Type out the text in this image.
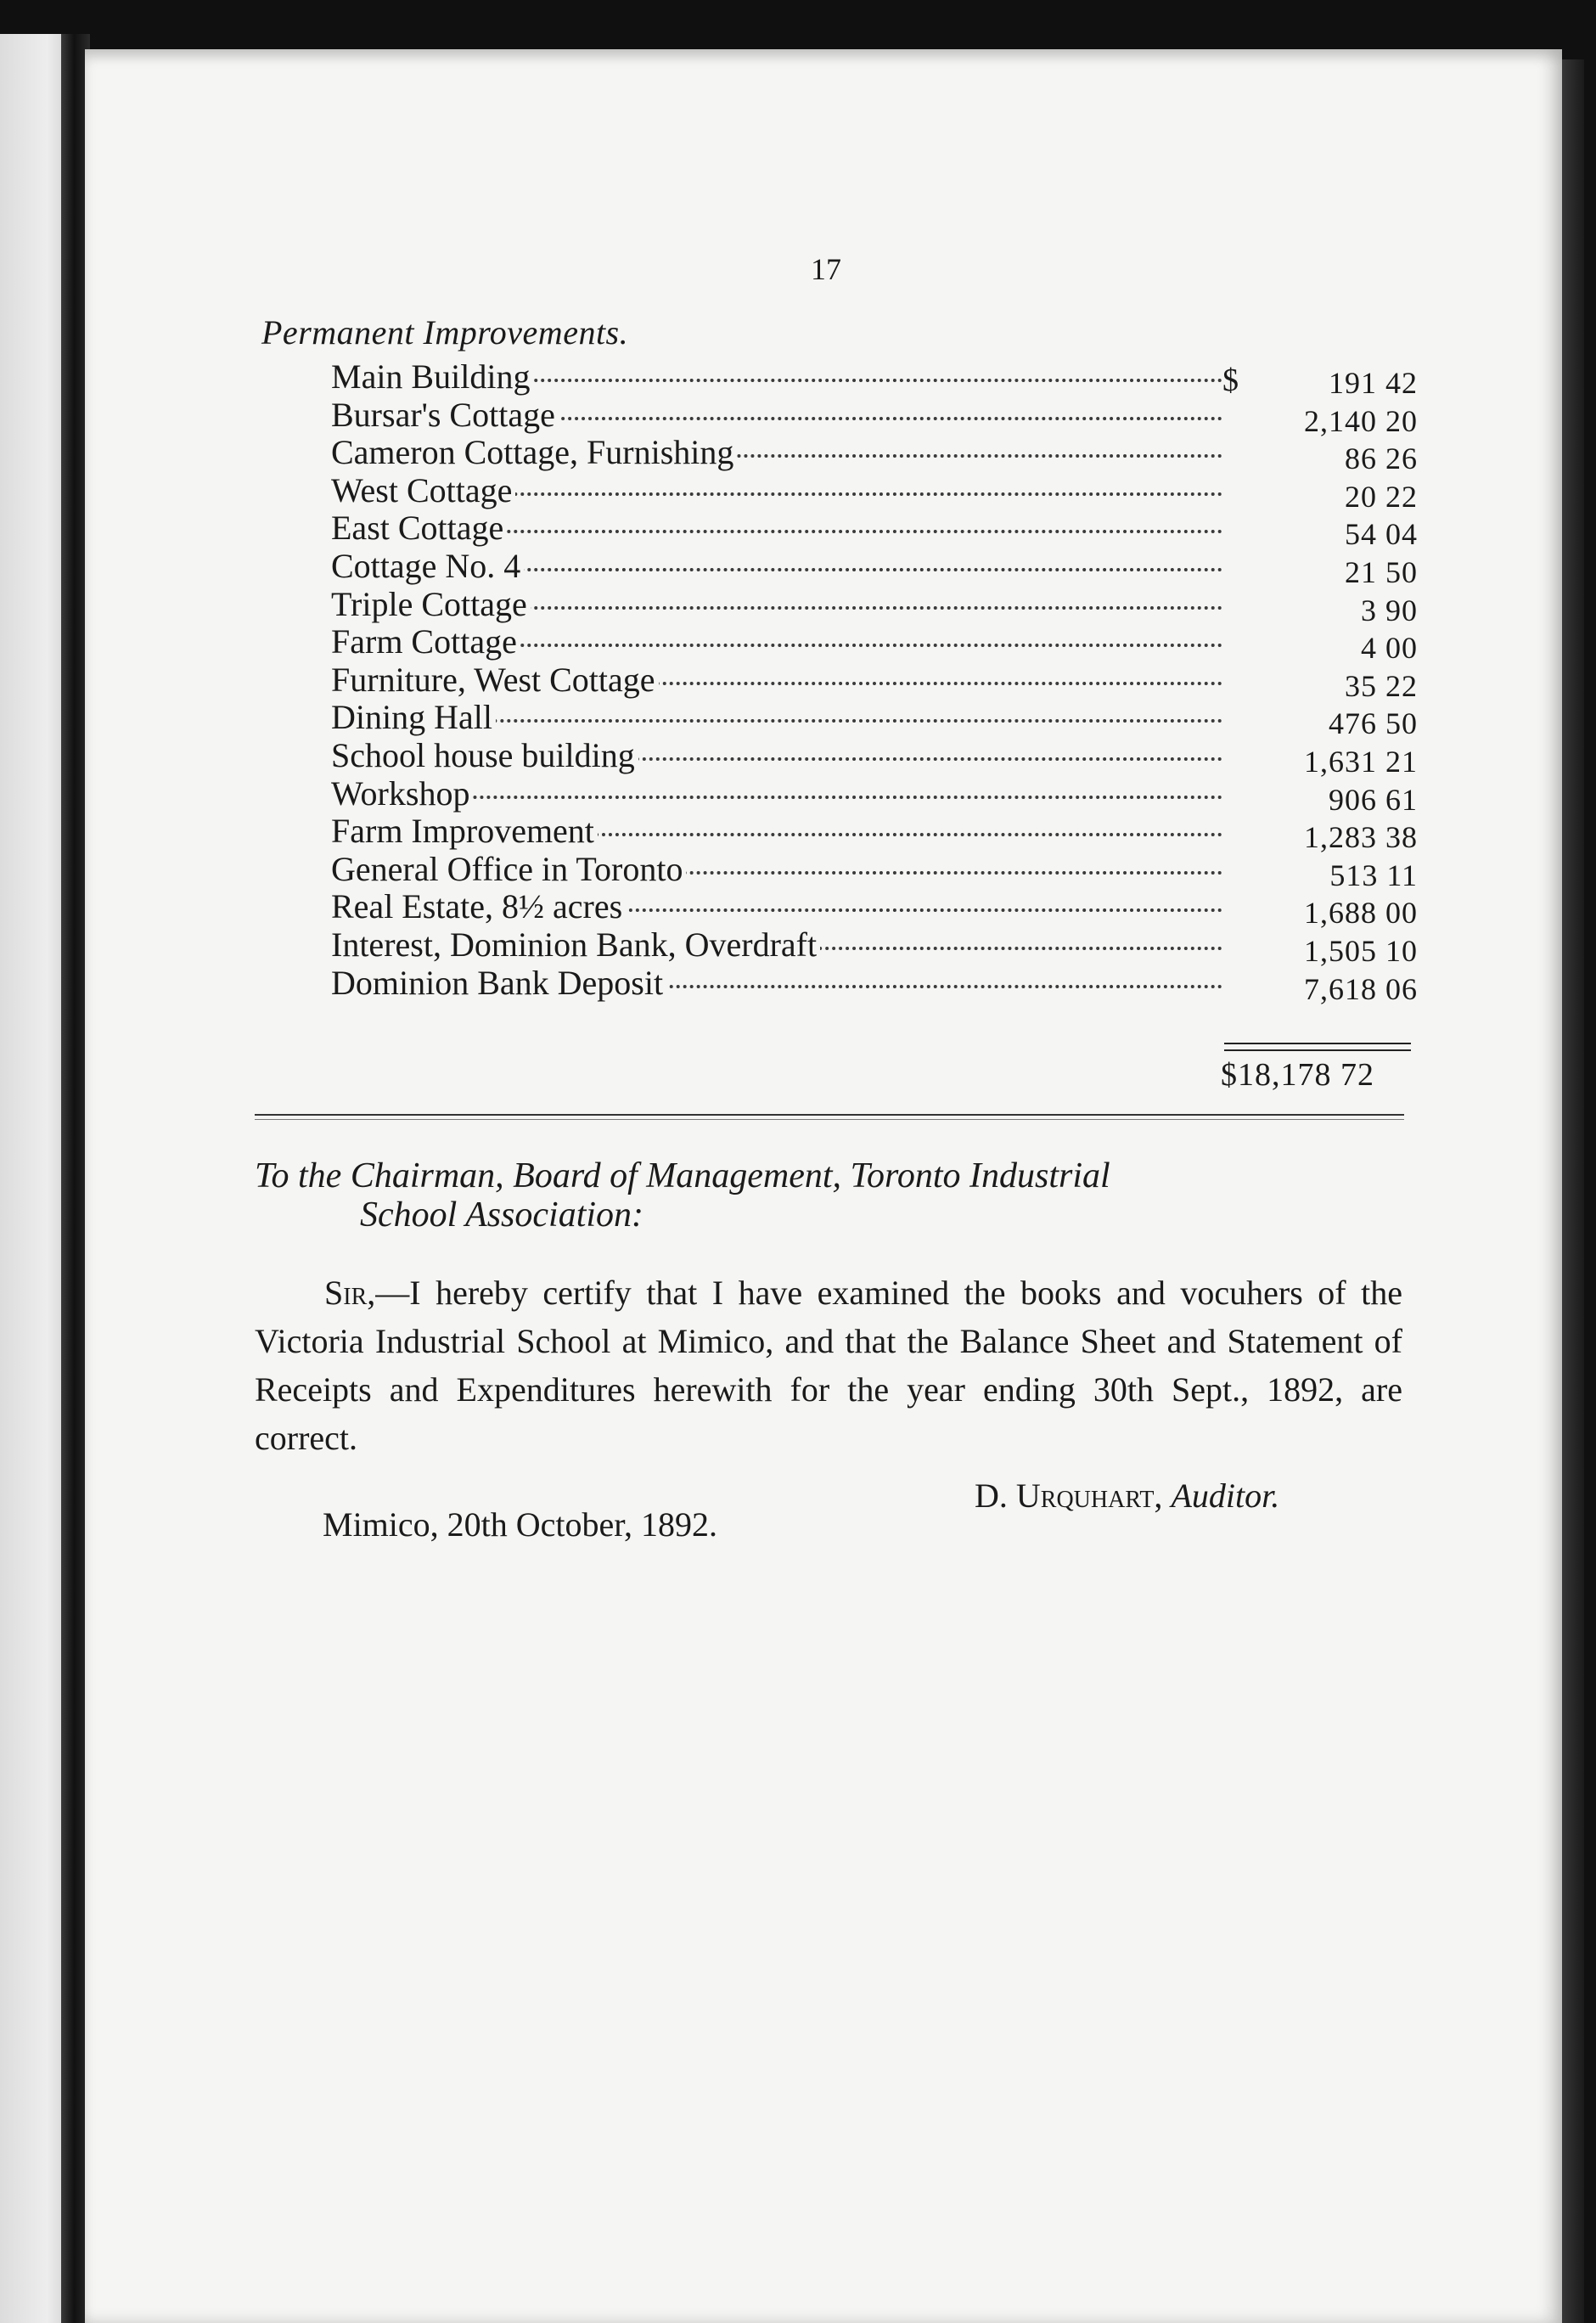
17
Permanent Improvements.
Main Building	$	191 42
Bursar's Cottage	2,140 20
Cameron Cottage, Furnishing	86 26
West Cottage	20 22
East Cottage	54 04
Cottage No. 4	21 50
Triple Cottage	3 90
Farm Cottage	4 00
Furniture, West Cottage	35 22
Dining Hall	476 50
School house building	1,631 21
Workshop	906 61
Farm Improvement	1,283 38
General Office in Toronto	513 11
Real Estate, 8½ acres	1,688 00
Interest, Dominion Bank, Overdraft	1,505 10
Dominion Bank Deposit	7,618 06
$18,178 72
To the Chairman, Board of Management, Toronto Industrial
School Association:
Sir,—I hereby certify that I have examined the books and vocuhers of the Victoria Industrial School at Mimico, and that the Balance Sheet and Statement of Receipts and Expenditures herewith for the year ending 30th Sept., 1892, are correct.
D. Urquhart, Auditor.
Mimico, 20th October, 1892.
